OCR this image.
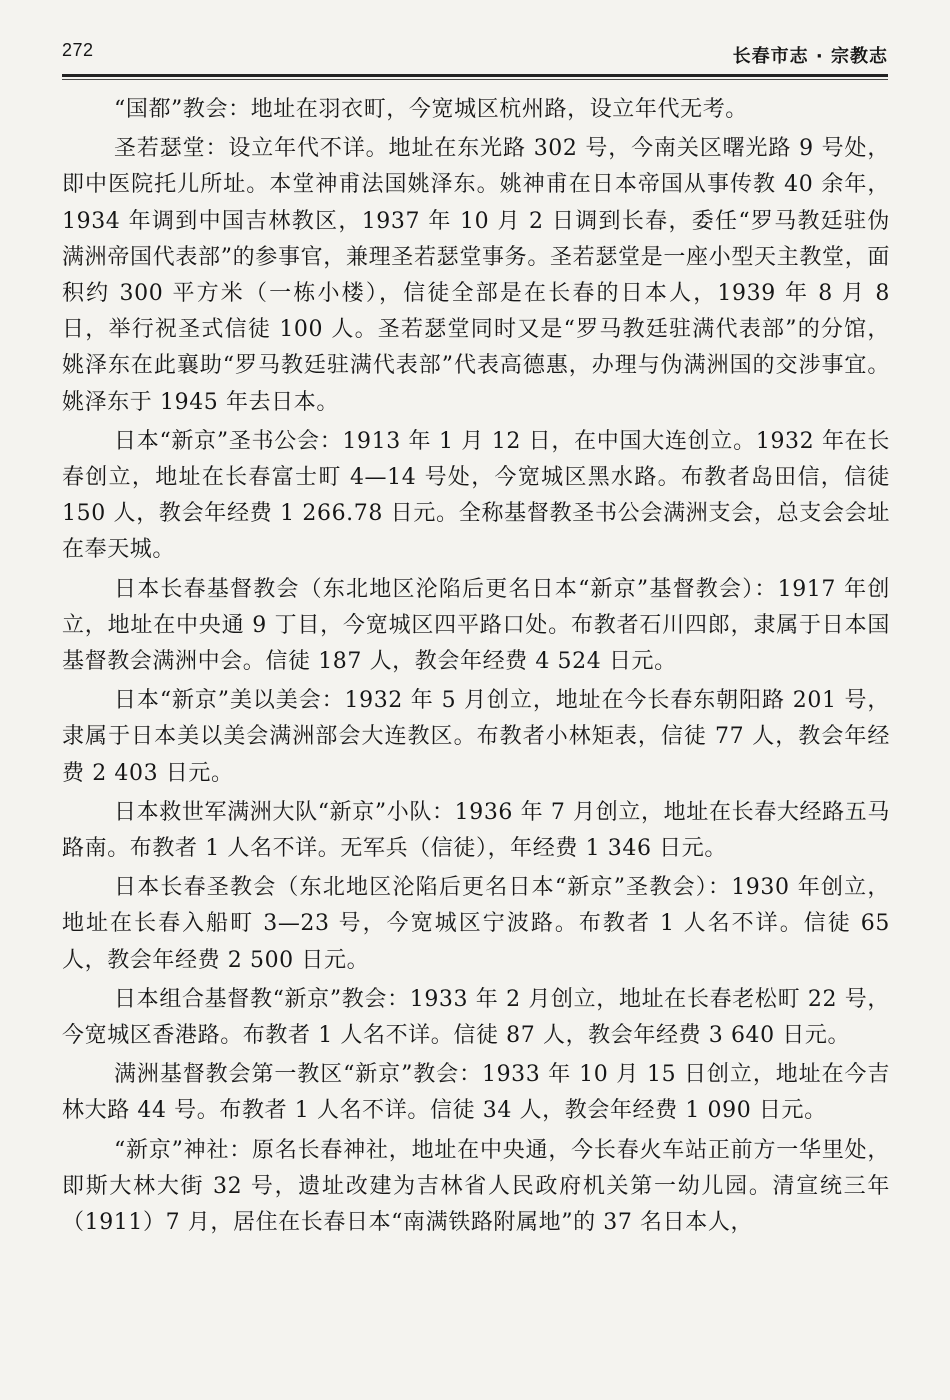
272	长春市志 · 宗教志

“国都”教会：地址在羽衣町，今宽城区杭州路，设立年代无考。

圣若瑟堂：设立年代不详。地址在东光路 302 号，今南关区曙光路 9 号处，即中医院托儿所址。本堂神甫法国姚泽东。姚神甫在日本帝国从事传教 40 余年，1934 年调到中国吉林教区，1937 年 10 月 2 日调到长春，委任“罗马教廷驻伪满洲帝国代表部”的参事官，兼理圣若瑟堂事务。圣若瑟堂是一座小型天主教堂，面积约 300 平方米（一栋小楼），信徒全部是在长春的日本人，1939 年 8 月 8 日，举行祝圣式信徒 100 人。圣若瑟堂同时又是“罗马教廷驻满代表部”的分馆，姚泽东在此襄助“罗马教廷驻满代表部”代表高德惠，办理与伪满洲国的交涉事宜。姚泽东于 1945 年去日本。

日本“新京”圣书公会：1913 年 1 月 12 日，在中国大连创立。1932 年在长春创立，地址在长春富士町 4—14 号处，今宽城区黑水路。布教者岛田信，信徒 150 人，教会年经费 1 266.78 日元。全称基督教圣书公会满洲支会，总支会会址在奉天城。

日本长春基督教会（东北地区沦陷后更名日本“新京”基督教会）：1917 年创立，地址在中央通 9 丁目，今宽城区四平路口处。布教者石川四郎，隶属于日本国基督教会满洲中会。信徒 187 人，教会年经费 4 524 日元。

日本“新京”美以美会：1932 年 5 月创立，地址在今长春东朝阳路 201 号，隶属于日本美以美会满洲部会大连教区。布教者小林矩表，信徒 77 人，教会年经费 2 403 日元。

日本救世军满洲大队“新京”小队：1936 年 7 月创立，地址在长春大经路五马路南。布教者 1 人名不详。无军兵（信徒），年经费 1 346 日元。

日本长春圣教会（东北地区沦陷后更名日本“新京”圣教会）：1930 年创立，地址在长春入船町 3—23 号，今宽城区宁波路。布教者 1 人名不详。信徒 65 人，教会年经费 2 500 日元。

日本组合基督教“新京”教会：1933 年 2 月创立，地址在长春老松町 22 号，今宽城区香港路。布教者 1 人名不详。信徒 87 人，教会年经费 3 640 日元。

满洲基督教会第一教区“新京”教会：1933 年 10 月 15 日创立，地址在今吉林大路 44 号。布教者 1 人名不详。信徒 34 人，教会年经费 1 090 日元。

“新京”神社：原名长春神社，地址在中央通，今长春火车站正前方一华里处，即斯大林大街 32 号，遗址改建为吉林省人民政府机关第一幼儿园。清宣统三年（1911）7 月，居住在长春日本“南满铁路附属地”的 37 名日本人，
